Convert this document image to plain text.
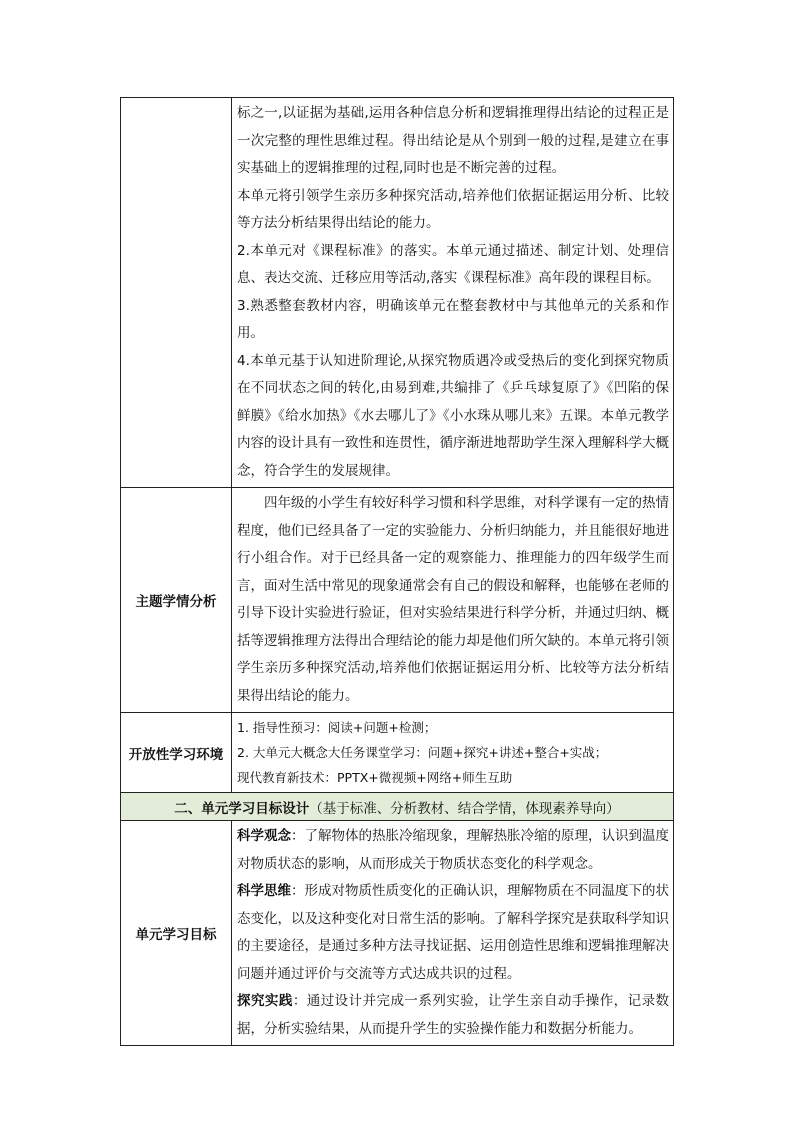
	标之一,以证据为基础,运用各种信息分析和逻辑推理得出结论的过程正是一次完整的理性思维过程。得出结论是从个别到一般的过程,是建立在事实基础上的逻辑推理的过程,同时也是不断完善的过程。

本单元将引领学生亲历多种探究活动,培养他们依据证据运用分析、比较等方法分析结果得出结论的能力。

2.本单元对《课程标准》的落实。本单元通过描述、制定计划、处理信息、表达交流、迁移应用等活动,落实《课程标准》高年段的课程目标。

3.熟悉整套教材内容，明确该单元在整套教材中与其他单元的关系和作用。

4.本单元基于认知进阶理论,从探究物质遇冷或受热后的变化到探究物质在不同状态之间的转化,由易到难,共编排了《乒乓球复原了》《凹陷的保鲜膜》《给水加热》《水去哪儿了》《小水珠从哪儿来》五课。本单元教学内容的设计具有一致性和连贯性，循序渐进地帮助学生深入理解科学大概念，符合学生的发展规律。

主题学情分析	四年级的小学生有较好科学习惯和科学思维，对科学课有一定的热情程度，他们已经具备了一定的实验能力、分析归纳能力，并且能很好地进行小组合作。对于已经具备一定的观察能力、推理能力的四年级学生而言，面对生活中常见的现象通常会有自己的假设和解释，也能够在老师的引导下设计实验进行验证，但对实验结果进行科学分析，并通过归纳、概括等逻辑推理方法得出合理结论的能力却是他们所欠缺的。本单元将引领学生亲历多种探究活动,培养他们依据证据运用分析、比较等方法分析结果得出结论的能力。

开放性学习环境	1. 指导性预习：阅读+问题+检测；

2. 大单元大概念大任务课堂学习：问题+探究+讲述+整合+实战；

现代教育新技术：PPTX+微视频+网络+师生互助

二、单元学习目标设计（基于标准、分析教材、结合学情，体现素养导向）	
单元学习目标	科学观念：了解物体的热胀冷缩现象，理解热胀冷缩的原理，认识到温度对物质状态的影响，从而形成关于物质状态变化的科学观念。

科学思维：形成对物质性质变化的正确认识，理解物质在不同温度下的状态变化，以及这种变化对日常生活的影响。了解科学探究是获取科学知识的主要途径，是通过多种方法寻找证据、运用创造性思维和逻辑推理解决问题并通过评价与交流等方式达成共识的过程。

探究实践：通过设计并完成一系列实验，让学生亲自动手操作，记录数据，分析实验结果，从而提升学生的实验操作能力和数据分析能力。
